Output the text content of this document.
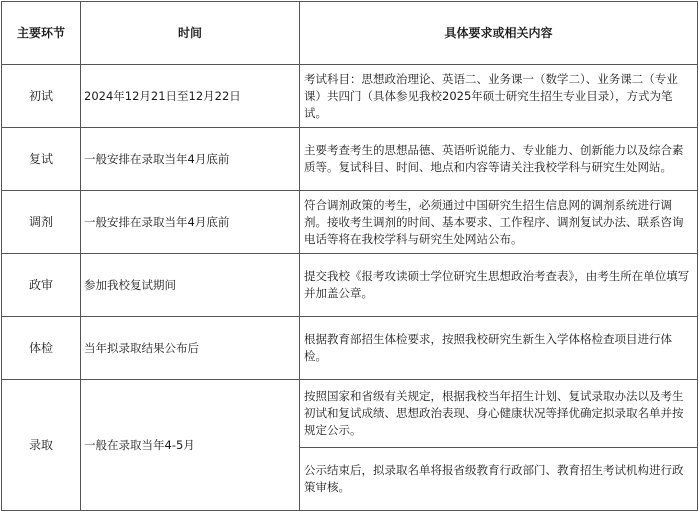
主要环节	时间	具体要求或相关内容
初试	2024年12月21日至12月22日	考试科目：思想政治理论、英语二、业务课一（数学二）、业务课二（专业课）共四门（具体参见我校2025年硕士研究生招生专业目录），方式为笔试。

复试	一般安排在录取当年4月底前	主要考查考生的思想品德、英语听说能力、专业能力、创新能力以及综合素质等。复试科目、时间、地点和内容等请关注我校学科与研究生处网站。

调剂	一般安排在录取当年4月底前	符合调剂政策的考生，必须通过中国研究生招生信息网的调剂系统进行调剂。接收考生调剂的时间、基本要求、工作程序、调剂复试办法、联系咨询电话等将在我校学科与研究生处网站公布。

政审	参加我校复试期间	提交我校《报考攻读硕士学位研究生思想政治考查表》，由考生所在单位填写并加盖公章。

体检	当年拟录取结果公布后	根据教育部招生体检要求，按照我校研究生新生入学体格检查项目进行体检。

录取	一般在录取当年4-5月	按照国家和省级有关规定，根据我校当年招生计划、复试录取办法以及考生初试和复试成绩、思想政治表现、身心健康状况等择优确定拟录取名单并按规定公示。

		公示结束后，拟录取名单将报省级教育行政部门、教育招生考试机构进行政策审核。
